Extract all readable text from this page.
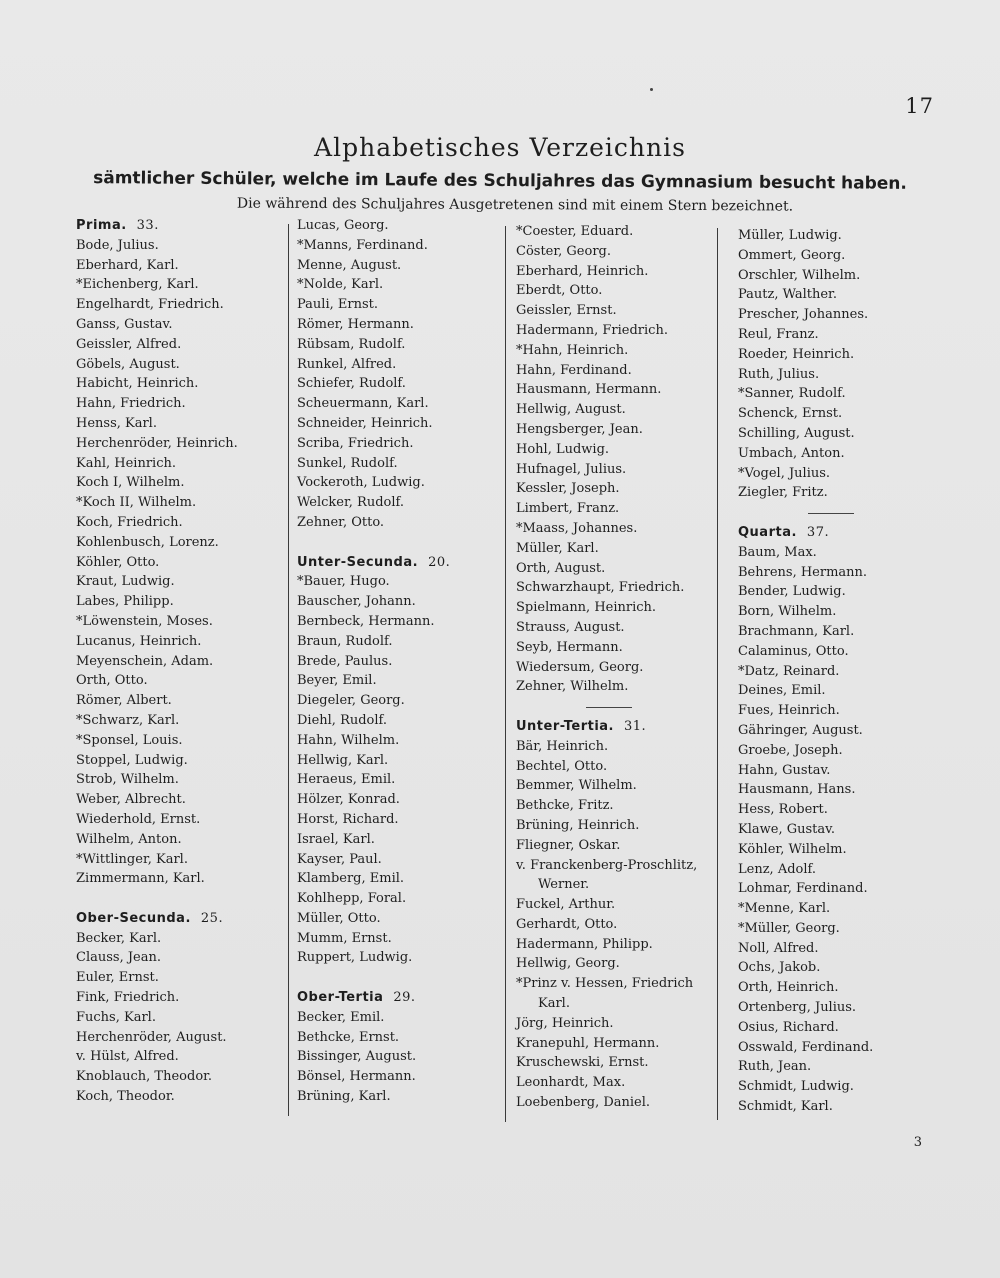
17
Alphabetisches Verzeichnis
sämtlicher Schüler, welche im Laufe des Schuljahres das Gymnasium besucht haben.
Die während des Schuljahres Ausgetretenen sind mit einem Stern bezeichnet.
Prima. 33.
Bode, Julius.
Eberhard, Karl.
*Eichenberg, Karl.
Engelhardt, Friedrich.
Ganss, Gustav.
Geissler, Alfred.
Göbels, August.
Habicht, Heinrich.
Hahn, Friedrich.
Henss, Karl.
Herchenröder, Heinrich.
Kahl, Heinrich.
Koch I, Wilhelm.
*Koch II, Wilhelm.
Koch, Friedrich.
Kohlenbusch, Lorenz.
Köhler, Otto.
Kraut, Ludwig.
Labes, Philipp.
*Löwenstein, Moses.
Lucanus, Heinrich.
Meyenschein, Adam.
Orth, Otto.
Römer, Albert.
*Schwarz, Karl.
*Sponsel, Louis.
Stoppel, Ludwig.
Strob, Wilhelm.
Weber, Albrecht.
Wiederhold, Ernst.
Wilhelm, Anton.
*Wittlinger, Karl.
Zimmermann, Karl.
Ober-Secunda. 25.
Becker, Karl.
Clauss, Jean.
Euler, Ernst.
Fink, Friedrich.
Fuchs, Karl.
Herchenröder, August.
v. Hülst, Alfred.
Knoblauch, Theodor.
Koch, Theodor.
Lucas, Georg.
*Manns, Ferdinand.
Menne, August.
*Nolde, Karl.
Pauli, Ernst.
Römer, Hermann.
Rübsam, Rudolf.
Runkel, Alfred.
Schiefer, Rudolf.
Scheuermann, Karl.
Schneider, Heinrich.
Scriba, Friedrich.
Sunkel, Rudolf.
Vockeroth, Ludwig.
Welcker, Rudolf.
Zehner, Otto.
Unter-Secunda. 20.
*Bauer, Hugo.
Bauscher, Johann.
Bernbeck, Hermann.
Braun, Rudolf.
Brede, Paulus.
Beyer, Emil.
Diegeler, Georg.
Diehl, Rudolf.
Hahn, Wilhelm.
Hellwig, Karl.
Heraeus, Emil.
Hölzer, Konrad.
Horst, Richard.
Israel, Karl.
Kayser, Paul.
Klamberg, Emil.
Kohlhepp, Foral.
Müller, Otto.
Mumm, Ernst.
Ruppert, Ludwig.
Ober-Tertia 29.
Becker, Emil.
Bethcke, Ernst.
Bissinger, August.
Bönsel, Hermann.
Brüning, Karl.
*Coester, Eduard.
Cöster, Georg.
Eberhard, Heinrich.
Eberdt, Otto.
Geissler, Ernst.
Hadermann, Friedrich.
*Hahn, Heinrich.
Hahn, Ferdinand.
Hausmann, Hermann.
Hellwig, August.
Hengsberger, Jean.
Hohl, Ludwig.
Hufnagel, Julius.
Kessler, Joseph.
Limbert, Franz.
*Maass, Johannes.
Müller, Karl.
Orth, August.
Schwarzhaupt, Friedrich.
Spielmann, Heinrich.
Strauss, August.
Seyb, Hermann.
Wiedersum, Georg.
Zehner, Wilhelm.
Unter-Tertia. 31.
Bär, Heinrich.
Bechtel, Otto.
Bemmer, Wilhelm.
Bethcke, Fritz.
Brüning, Heinrich.
Fliegner, Oskar.
v. Franckenberg-Proschlitz,
Werner.
Fuckel, Arthur.
Gerhardt, Otto.
Hadermann, Philipp.
Hellwig, Georg.
*Prinz v. Hessen, Friedrich
Karl.
Jörg, Heinrich.
Kranepuhl, Hermann.
Kruschewski, Ernst.
Leonhardt, Max.
Loebenberg, Daniel.
Müller, Ludwig.
Ommert, Georg.
Orschler, Wilhelm.
Pautz, Walther.
Prescher, Johannes.
Reul, Franz.
Roeder, Heinrich.
Ruth, Julius.
*Sanner, Rudolf.
Schenck, Ernst.
Schilling, August.
Umbach, Anton.
*Vogel, Julius.
Ziegler, Fritz.
Quarta. 37.
Baum, Max.
Behrens, Hermann.
Bender, Ludwig.
Born, Wilhelm.
Brachmann, Karl.
Calaminus, Otto.
*Datz, Reinard.
Deines, Emil.
Fues, Heinrich.
Gähringer, August.
Groebe, Joseph.
Hahn, Gustav.
Hausmann, Hans.
Hess, Robert.
Klawe, Gustav.
Köhler, Wilhelm.
Lenz, Adolf.
Lohmar, Ferdinand.
*Menne, Karl.
*Müller, Georg.
Noll, Alfred.
Ochs, Jakob.
Orth, Heinrich.
Ortenberg, Julius.
Osius, Richard.
Osswald, Ferdinand.
Ruth, Jean.
Schmidt, Ludwig.
Schmidt, Karl.
3
